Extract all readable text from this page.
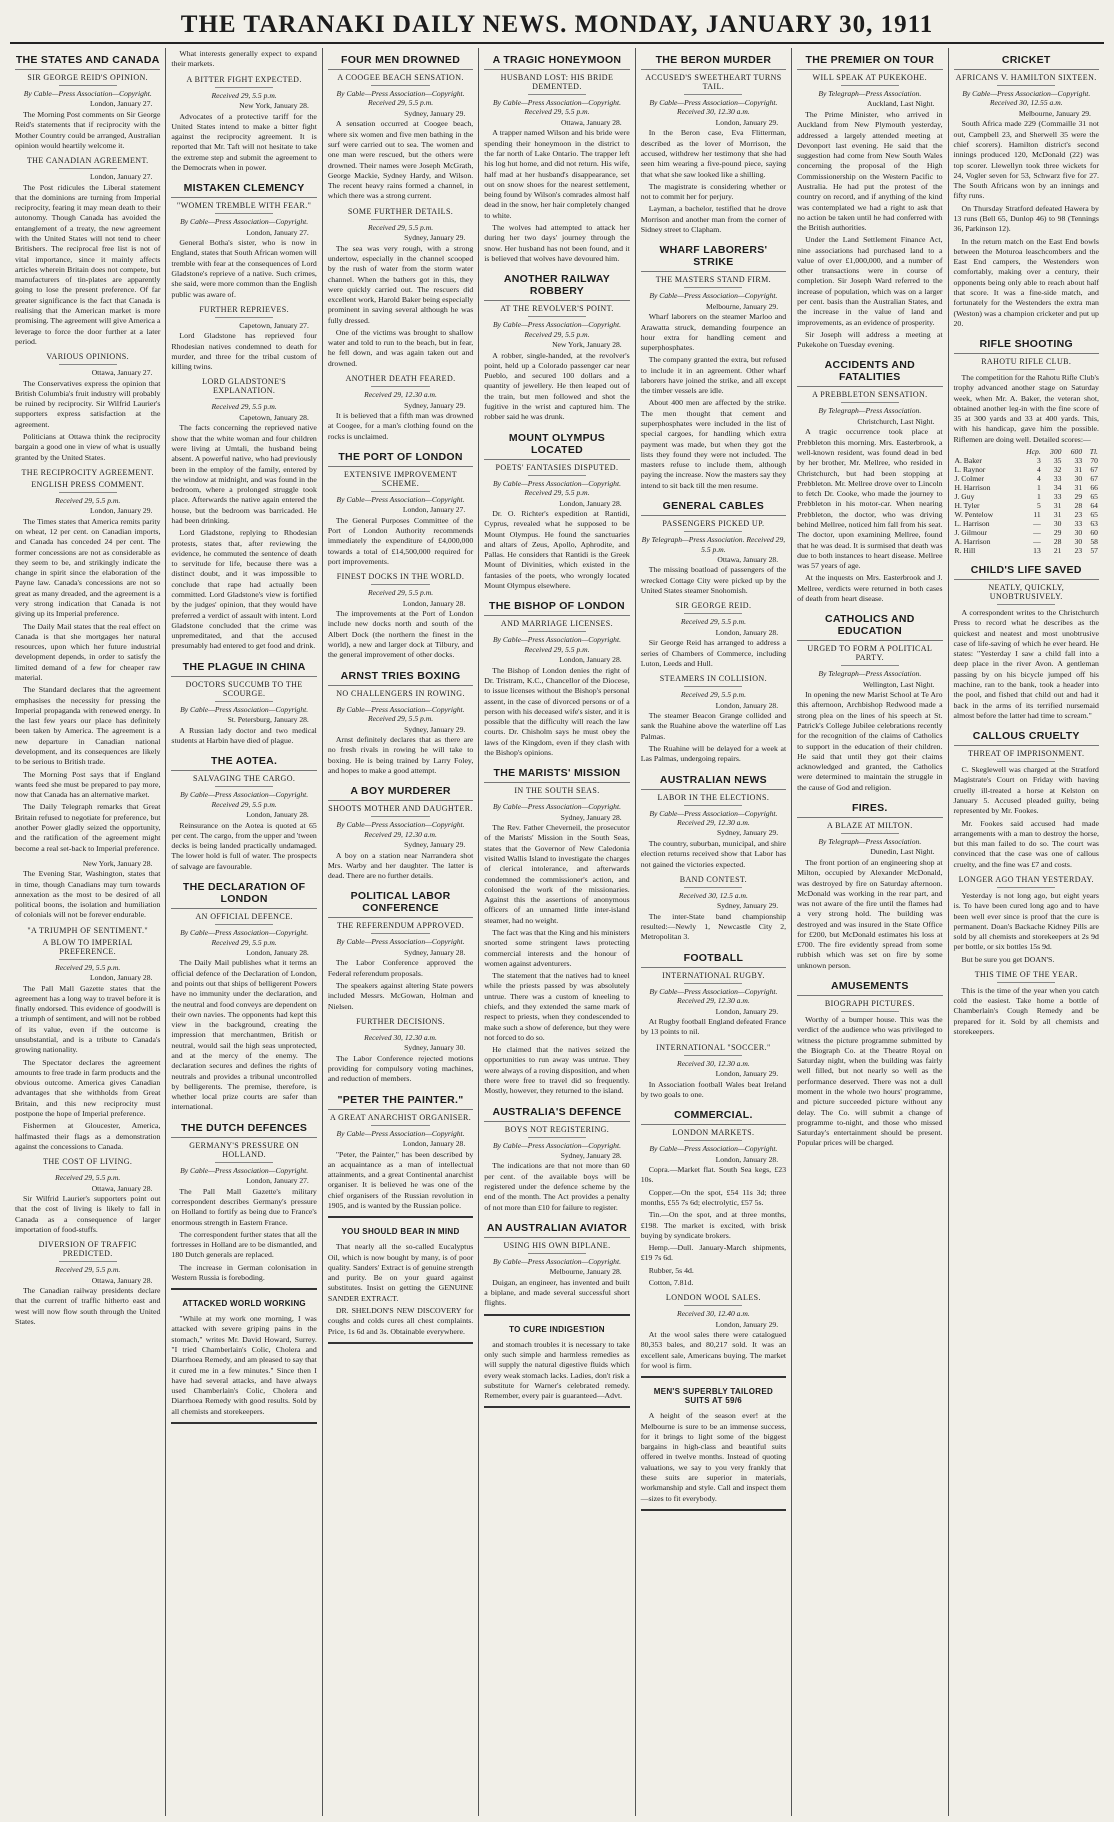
THE TARANAKI DAILY NEWS. MONDAY, JANUARY 30, 1911
THE STATES AND CANADA
SIR GEORGE REID'S OPINION.
By Cable—Press Association—Copyright.
London, January 27.

The Morning Post comments on Sir George Reid's statements that if reciprocity with the Mother Country could be arranged, Australian opinion would heartily welcome it.

THE CANADIAN AGREEMENT.
London, January 27.

The Post ridicules the Liberal statement that the dominions are turning from Imperial reciprocity, fearing it may mean death to their autonomy. Though Canada has avoided the entanglement of a treaty, the new agreement with the United States will not tend to cheer Britishers. The reciprocal free list is not of vital importance, since it mainly affects articles wherein Britain does not compete, but manufacturers of tin-plates are apparently going to lose the present preference. Of far greater significance is the fact that Canada is realising that the American market is more promising. The agreement will give America a leverage to force the door further at a later period.

VARIOUS OPINIONS.
Ottawa, January 27.

The Conservatives express the opinion that British Columbia's fruit industry will probably be ruined by reciprocity. Sir Wilfrid Laurier's supporters express satisfaction at the agreement.

Politicians at Ottawa think the reciprocity bargain a good one in view of what is usually granted by the United States.

THE RECIPROCITY AGREEMENT.
ENGLISH PRESS COMMENT.
Received 29, 5.5 p.m.
London, January 29.

The Times states that America remits parity on wheat, 12 per cent. on Canadian imports, and Canada has conceded 24 per cent. The former concessions are not as considerable as they seem to be, and strikingly indicate the change in spirit since the elaboration of the Payne law. Canada's concessions are not so great as many dreaded, and the agreement is a very strong indication that Canada is not giving up its Imperial preference.

The Daily Mail states that the real effect on Canada is that she mortgages her natural resources, upon which her future industrial development depends, in order to satisfy the limited demand of a few for cheaper raw material.

The Standard declares that the agreement emphasises the necessity for pressing the Imperial propaganda with renewed energy. In the last few years our place has definitely been taken by America. The agreement is a new departure in Canadian national development, and its consequences are likely to be serious to British trade.

The Morning Post says that if England wants feed she must be prepared to pay more, now that Canada has an alternative market.

The Daily Telegraph remarks that Great Britain refused to negotiate for preference, but another Power gladly seized the opportunity, and the ratification of the agreement might become a real set-back to Imperial preference.

New York, January 28.

The Evening Star, Washington, states that in time, though Canadians may turn towards annexation as the most to be desired of all political boons, the isolation and humiliation of colonials will not be forever endurable.

"A TRIUMPH OF SENTIMENT."
A BLOW TO IMPERIAL PREFERENCE.
Received 29, 5.5 p.m.
London, January 28.

The Pall Mall Gazette states that the agreement has a long way to travel before it is finally endorsed. This evidence of goodwill is a triumph of sentiment, and will not be robbed of its value, even if the outcome is unsubstantial, and is a tribute to Canada's growing nationality.

The Spectator declares the agreement amounts to free trade in farm products and the obvious outcome. America gives Canadian advantages that she withholds from Great Britain, and this new reciprocity must postpone the hope of Imperial preference.

Fishermen at Gloucester, America, halfmasted their flags as a demonstration against the concessions to Canada.

THE COST OF LIVING.
Received 29, 5.5 p.m.
Ottawa, January 28.

Sir Wilfrid Laurier's supporters point out that the cost of living is likely to fall in Canada as a consequence of larger importation of food-stuffs.

DIVERSION OF TRAFFIC PREDICTED.
Received 29, 5.5 p.m.
Ottawa, January 28.

The Canadian railway presidents declare that the current of traffic hitherto east and west will now flow south through the United States.

What interests generally expect to expand their markets.

A BITTER FIGHT EXPECTED.
Received 29, 5.5 p.m.
New York, January 28.

Advocates of a protective tariff for the United States intend to make a bitter fight against the reciprocity agreement. It is reported that Mr. Taft will not hesitate to take the extreme step and submit the agreement to the Democrats when in power.

MISTAKEN CLEMENCY
"WOMEN TREMBLE WITH FEAR."
By Cable—Press Association—Copyright.
London, January 27.

General Botha's sister, who is now in England, states that South African women will tremble with fear at the consequences of Lord Gladstone's reprieve of a native. Such crimes, she said, were more common than the English public was aware of.

FURTHER REPRIEVES.
Capetown, January 27.

Lord Gladstone has reprieved four Rhodesian natives condemned to death for murder, and three for the tribal custom of killing twins.

LORD GLADSTONE'S EXPLANATION.
Received 29, 5.5 p.m.
Capetown, January 28.

The facts concerning the reprieved native show that the white woman and four children were living at Umtali, the husband being absent. A powerful native, who had previously been in the employ of the family, entered by the window at midnight, and was found in the bedroom, where a prolonged struggle took place. Afterwards the native again entered the house, but the bedroom was barricaded. He had been drinking.

Lord Gladstone, replying to Rhodesian protests, states that, after reviewing the evidence, he commuted the sentence of death to servitude for life, because there was a distinct doubt, and it was impossible to conclude that rape had actually been committed. Lord Gladstone's view is fortified by the judges' opinion, that they would have preferred a verdict of assault with intent. Lord Gladstone concluded that the crime was unpremeditated, and that the accused presumably had entered to get food and drink.

THE PLAGUE IN CHINA
DOCTORS SUCCUMB TO THE SCOURGE.
By Cable—Press Association—Copyright.
St. Petersburg, January 28.

A Russian lady doctor and two medical students at Harbin have died of plague.

THE AOTEA.
SALVAGING THE CARGO.
By Cable—Press Association—Copyright. Received 29, 5.5 p.m.
London, January 28.

Reinsurance on the Aotea is quoted at 65 per cent. The cargo, from the upper and 'tween decks is being landed practically undamaged. The lower hold is full of water. The prospects of salvage are favourable.

THE DECLARATION OF LONDON
AN OFFICIAL DEFENCE.
By Cable—Press Association—Copyright. Received 29, 5.5 p.m.
London, January 28.

The Daily Mail publishes what it terms an official defence of the Declaration of London, and points out that ships of belligerent Powers have no immunity under the declaration, and the neutral and food conveys are dependent on their own navies. The opponents had kept this view in the background, creating the impression that merchantmen, British or neutral, would sail the high seas unprotected, and at the mercy of the enemy. The declaration secures and defines the rights of neutrals and provides a tribunal uncontrolled by belligerents. The premise, therefore, is whether local prize courts are safer than international.

THE DUTCH DEFENCES
GERMANY'S PRESSURE ON HOLLAND.
By Cable—Press Association—Copyright.
London, January 27.

The Pall Mall Gazette's military correspondent describes Germany's pressure on Holland to fortify as being due to France's enormous strength in Eastern France.

The correspondent further states that all the fortresses in Holland are to be dismantled, and 180 Dutch generals are replaced.

The increase in German colonisation in Western Russia is foreboding.

ATTACKED WORLD WORKING

"While at my work one morning, I was attacked with severe griping pains in the stomach," writes Mr. David Howard, Surrey. "I tried Chamberlain's Colic, Cholera and Diarrhoea Remedy, and am pleased to say that it cured me in a few minutes." Since then I have had several attacks, and have always used Chamberlain's Colic, Cholera and Diarrhoea Remedy with good results. Sold by all chemists and storekeepers.

FOUR MEN DROWNED
A COOGEE BEACH SENSATION.
By Cable—Press Association—Copyright. Received 29, 5.5 p.m.
Sydney, January 29.

A sensation occurred at Coogee beach, where six women and five men bathing in the surf were carried out to sea. The women and one man were rescued, but the others were drowned. Their names were Joseph McGrath, George Mackie, Sydney Hardy, and Wilson. The recent heavy rains formed a channel, in which there was a strong current.

SOME FURTHER DETAILS.
Received 29, 5.5 p.m.
Sydney, January 29.

The sea was very rough, with a strong undertow, especially in the channel scooped by the rush of water from the storm water channel. When the bathers got in this, they were quickly carried out. The rescuers did excellent work, Harold Baker being especially prominent in saving several although he was fully dressed.

One of the victims was brought to shallow water and told to run to the beach, but in fear, he fell down, and was again taken out and drowned.

ANOTHER DEATH FEARED.
Received 29, 12.30 a.m.
Sydney, January 29.

It is believed that a fifth man was drowned at Coogee, for a man's clothing found on the rocks is unclaimed.

THE PORT OF LONDON
EXTENSIVE IMPROVEMENT SCHEME.
By Cable—Press Association—Copyright.
London, January 27.

The General Purposes Committee of the Port of London Authority recommends immediately the expenditure of £4,000,000 towards a total of £14,500,000 required for port improvements.

FINEST DOCKS IN THE WORLD.
Received 29, 5.5 p.m.
London, January 28.

The improvements at the Port of London include new docks north and south of the Albert Dock (the northern the finest in the world), a new and larger dock at Tilbury, and the general improvement of other docks.

ARNST TRIES BOXING
NO CHALLENGERS IN ROWING.
By Cable—Press Association—Copyright. Received 29, 5.5 p.m.
Sydney, January 29.

Arnst definitely declares that as there are no fresh rivals in rowing he will take to boxing. He is being trained by Larry Foley, and hopes to make a good attempt.

A BOY MURDERER
SHOOTS MOTHER AND DAUGHTER.
By Cable—Press Association—Copyright. Received 29, 12.30 a.m.
Sydney, January 29.

A boy on a station near Narrandera shot Mrs. Warby and her daughter. The latter is dead. There are no further details.

POLITICAL LABOR CONFERENCE
THE REFERENDUM APPROVED.
By Cable—Press Association—Copyright.
Sydney, January 28.

The Labor Conference approved the Federal referendum proposals.

The speakers against altering State powers included Messrs. McGowan, Holman and Nielsen.

FURTHER DECISIONS.
Received 30, 12.30 a.m.
Sydney, January 30.

The Labor Conference rejected motions providing for compulsory voting machines, and reduction of members.

"PETER THE PAINTER."
A GREAT ANARCHIST ORGANISER.
By Cable—Press Association—Copyright.
London, January 28.

"Peter, the Painter," has been described by an acquaintance as a man of intellectual attainments, and a great Continental anarchist organiser. It is believed he was one of the chief organisers of the Russian revolution in 1905, and is wanted by the Russian police.

YOU SHOULD BEAR IN MIND

That nearly all the so-called Eucalyptus Oil, which is now bought by many, is of poor quality. Sanders' Extract is of genuine strength and purity. Be on your guard against substitutes. Insist on getting the GENUINE SANDER EXTRACT.

DR. SHELDON'S NEW DISCOVERY for coughs and colds cures all chest complaints. Price, 1s 6d and 3s. Obtainable everywhere.

A TRAGIC HONEYMOON
HUSBAND LOST: HIS BRIDE DEMENTED.
By Cable—Press Association—Copyright. Received 29, 5.5 p.m.
Ottawa, January 28.

A trapper named Wilson and his bride were spending their honeymoon in the district to the far north of Lake Ontario. The trapper left his log hut home, and did not return. His wife, half mad at her husband's disappearance, set out on snow shoes for the nearest settlement, being found by Wilson's comrades almost half dead in the snow, her hair completely changed to white.

The wolves had attempted to attack her during her two days' journey through the snow. Her husband has not been found, and it is believed that wolves have devoured him.

ANOTHER RAILWAY ROBBERY
AT THE REVOLVER'S POINT.
By Cable—Press Association—Copyright. Received 29, 5.5 p.m.
New York, January 28.

A robber, single-handed, at the revolver's point, held up a Colorado passenger car near Pueblo, and secured 100 dollars and a quantity of jewellery. He then leaped out of the train, but men followed and shot the fugitive in the wrist and captured him. The robber said he was drunk.

MOUNT OLYMPUS LOCATED
POETS' FANTASIES DISPUTED.
By Cable—Press Association—Copyright. Received 29, 5.5 p.m.
London, January 28.

Dr. O. Richter's expedition at Rantidi, Cyprus, revealed what he supposed to be Mount Olympus. He found the sanctuaries and altars of Zeus, Apollo, Aphrodite, and Pallas. He considers that Rantidi is the Greek Mount of Divinities, which existed in the fantasies of the poets, who wrongly located Mount Olympus elsewhere.

THE BISHOP OF LONDON
AND MARRIAGE LICENSES.
By Cable—Press Association—Copyright. Received 29, 5.5 p.m.
London, January 28.

The Bishop of London denies the right of Dr. Tristram, K.C., Chancellor of the Diocese, to issue licenses without the Bishop's personal assent, in the case of divorced persons or of a person with his deceased wife's sister, and it is possible that the difficulty will reach the law courts. Dr. Chisholm says he must obey the laws of the Kingdom, even if they clash with the Bishop's opinions.

THE MARISTS' MISSION
IN THE SOUTH SEAS.
By Cable—Press Association—Copyright.
Sydney, January 28.

The Rev. Father Cheverneil, the prosecutor of the Marists' Mission in the South Seas, states that the Governor of New Caledonia visited Wallis Island to investigate the charges of clerical intolerance, and afterwards condemned the commissioner's action, and colonised the work of the missionaries. Against this the assertions of anonymous officers of an unnamed little inter-island steamer, had no weight.

The fact was that the King and his ministers snorted some stringent laws protecting commercial interests and the honour of women against adventurers.

The statement that the natives had to kneel while the priests passed by was absolutely untrue. There was a custom of kneeling to chiefs, and they extended the same mark of respect to priests, when they condescended to make such a show of deference, but they were not forced to do so.

He claimed that the natives seized the opportunities to run away was untrue. They were always of a roving disposition, and when there were free to travel did so frequently. Mostly, however, they returned to the island.

AUSTRALIA'S DEFENCE
BOYS NOT REGISTERING.
By Cable—Press Association—Copyright.
Sydney, January 28.

The indications are that not more than 60 per cent. of the available boys will be registered under the defence scheme by the end of the month. The Act provides a penalty of not more than £10 for failure to register.

AN AUSTRALIAN AVIATOR
USING HIS OWN BIPLANE.
By Cable—Press Association—Copyright.
Melbourne, January 28.

Duigan, an engineer, has invented and built a biplane, and made several successful short flights.

TO CURE INDIGESTION

and stomach troubles it is necessary to take only such simple and harmless remedies as will supply the natural digestive fluids which every weak stomach lacks. Ladies, don't risk a substitute for Warner's celebrated remedy. Remember, every pair is guaranteed—Advt.

THE BERON MURDER
ACCUSED'S SWEETHEART TURNS TAIL.
By Cable—Press Association—Copyright. Received 30, 12.30 a.m.
London, January 29.

In the Beron case, Eva Flitterman, described as the lover of Morrison, the accused, withdrew her testimony that she had seen him wearing a five-pound piece, saying that what she saw looked like a shilling.

The magistrate is considering whether or not to commit her for perjury.

Layman, a bachelor, testified that he drove Morrison and another man from the corner of Sidney street to Clapham.

WHARF LABORERS' STRIKE
THE MASTERS STAND FIRM.
By Cable—Press Association—Copyright.
Melbourne, January 29.

Wharf laborers on the steamer Marloo and Arawatta struck, demanding fourpence an hour extra for handling cement and superphosphates.

The company granted the extra, but refused to include it in an agreement. Other wharf laborers have joined the strike, and all except the timber vessels are idle.

About 400 men are affected by the strike. The men thought that cement and superphosphates were included in the list of special cargoes, for handling which extra payment was made, but when they got the lists they found they were not included. The masters refuse to include them, although paying the increase. Now the masters say they intend to sit back till the men resume.

GENERAL CABLES
PASSENGERS PICKED UP.
By Telegraph—Press Association. Received 29, 5.5 p.m.
Ottawa, January 28.

The missing boatload of passengers of the wrecked Cottage City were picked up by the United States steamer Snohomish.

SIR GEORGE REID.
Received 29, 5.5 p.m.
London, January 28.

Sir George Reid has arranged to address a series of Chambers of Commerce, including Luton, Leeds and Hull.

STEAMERS IN COLLISION.
Received 29, 5.5 p.m.
London, January 28.

The steamer Beacon Grange collided and sank the Ruahine above the waterline off Las Palmas.

The Ruahine will be delayed for a week at Las Palmas, undergoing repairs.

AUSTRALIAN NEWS
LABOR IN THE ELECTIONS.
By Cable—Press Association—Copyright. Received 29, 12.30 a.m.
Sydney, January 29.

The country, suburban, municipal, and shire election returns received show that Labor has not gained the victories expected.

BAND CONTEST.
Received 30, 12.5 a.m.
Sydney, January 29.

The inter-State band championship resulted:—Newly 1, Newcastle City 2, Metropolitan 3.

FOOTBALL
INTERNATIONAL RUGBY.
By Cable—Press Association—Copyright. Received 29, 12.30 a.m.
London, January 29.

At Rugby football England defeated France by 13 points to nil.

INTERNATIONAL "SOCCER."
Received 30, 12.30 a.m.
London, January 29.

In Association football Wales beat Ireland by two goals to one.

COMMERCIAL.
LONDON MARKETS.
By Cable—Press Association—Copyright.
London, January 28.

Copra.—Market flat. South Sea kegs, £23 10s.

Copper.—On the spot, £54 11s 3d; three months, £55 7s 6d; electrolytic, £57 5s.

Tin.—On the spot, and at three months, £198. The market is excited, with brisk buying by syndicate brokers.

Hemp.—Dull. January-March shipments, £19 7s 6d.

Rubber, 5s 4d.

Cotton, 7.81d.

LONDON WOOL SALES.
Received 30, 12.40 a.m.
London, January 29.

At the wool sales there were catalogued 80,353 bales, and 80,217 sold. It was an excellent sale, Americans buying. The market for wool is firm.

MEN'S SUPERBLY TAILORED SUITS AT 59/6

A height of the season ever! at the Melbourne is sure to be an immense success, for it brings to light some of the biggest bargains in high-class and beautiful suits offered in twelve months. Instead of quoting valuations, we say to you very frankly that these suits are superior in materials, workmanship and style. Call and inspect them—sizes to fit everybody.

THE PREMIER ON TOUR
WILL SPEAK AT PUKEKOHE.
By Telegraph—Press Association.
Auckland, Last Night.

The Prime Minister, who arrived in Auckland from New Plymouth yesterday, addressed a largely attended meeting at Devonport last evening. He said that the suggestion had come from New South Wales concerning the proposal of the High Commissionership on the Western Pacific to Australia. He had put the protest of the country on record, and if anything of the kind was contemplated we had a right to ask that no action be taken until he had conferred with the British authorities.

Under the Land Settlement Finance Act, nine associations had purchased land to a value of over £1,000,000, and a number of other transactions were in course of completion. Sir Joseph Ward referred to the increase of population, which was on a larger per cent. basis than the Australian States, and the increase in the value of land and improvements, as an evidence of prosperity.

Sir Joseph will address a meeting at Pukekohe on Tuesday evening.

ACCIDENTS AND FATALITIES
A PREBBLETON SENSATION.
By Telegraph—Press Association.
Christchurch, Last Night.

A tragic occurrence took place at Prebbleton this morning. Mrs. Easterbrook, a well-known resident, was found dead in bed by her brother, Mr. Mellree, who resided in Christchurch, but had been stopping at Prebbleton. Mr. Mellree drove over to Lincoln to fetch Dr. Cooke, who made the journey to Prebbleton in his motor-car. When nearing Prebbleton, the doctor, who was driving behind Mellree, noticed him fall from his seat. The doctor, upon examining Mellree, found that he was dead. It is surmised that death was due to both instances to heart disease. Mellree was 57 years of age.

At the inquests on Mrs. Easterbrook and J. Mellree, verdicts were returned in both cases of death from heart disease.

CATHOLICS AND EDUCATION
URGED TO FORM A POLITICAL PARTY.
By Telegraph—Press Association.
Wellington, Last Night.

In opening the new Marist School at Te Aro this afternoon, Archbishop Redwood made a strong plea on the lines of his speech at St. Patrick's College Jubilee celebrations recently for the recognition of the claims of Catholics to support in the education of their children. He said that until they got their claims acknowledged and granted, the Catholics were determined to maintain the struggle in the cause of God and religion.

FIRES.
A BLAZE AT MILTON.
By Telegraph—Press Association.
Dunedin, Last Night.

The front portion of an engineering shop at Milton, occupied by Alexander McDonald, was destroyed by fire on Saturday afternoon. McDonald was working in the rear part, and was not aware of the fire until the flames had a very strong hold. The building was destroyed and was insured in the State Office for £200, but McDonald estimates his loss at £700. The fire evidently spread from some rubbish which was set on fire by some unknown person.

AMUSEMENTS
BIOGRAPH PICTURES.

Worthy of a bumper house. This was the verdict of the audience who was privileged to witness the picture programme submitted by the Biograph Co. at the Theatre Royal on Saturday night, when the building was fairly well filled, but not nearly so well as the performance deserved. There was not a dull moment in the whole two hours' programme, and picture succeeded picture without any delay. The Co. will submit a change of programme to-night, and those who missed Saturday's entertainment should be present. Popular prices will be charged.

CRICKET
AFRICANS V. HAMILTON SIXTEEN.
By Cable—Press Association—Copyright. Received 30, 12.55 a.m.
Melbourne, January 29.

South Africa made 229 (Commaille 31 not out, Campbell 23, and Sherwell 35 were the chief scorers). Hamilton district's second innings produced 120, McDonald (22) was top scorer. Llewellyn took three wickets for 24, Vogler seven for 53, Schwarz five for 27. The South Africans won by an innings and fifty runs.

On Thursday Stratford defeated Hawera by 13 runs (Bell 65, Dunlop 46) to 98 (Tennings 36, Parkinson 12).

In the return match on the East End bowls between the Moturoa leaschcombers and the East End campers, the Westenders won comfortably, making over a century, their opponents being only able to reach about half that score. It was a fine-side match, and fortunately for the Westenders the extra man (Weston) was a champion cricketer and put up 20.

RIFLE SHOOTING
RAHOTU RIFLE CLUB.

The competition for the Rahotu Rifle Club's trophy advanced another stage on Saturday week, when Mr. A. Baker, the veteran shot, obtained another leg-in with the fine score of 35 at 300 yards and 33 at 400 yards. This, with his handicap, gave him the possible. Riflemen are doing well. Detailed scores:—

	Hcp.	300	600	Tl.
A. Baker	3	35	33	70
L. Raynor	4	32	31	67
J. Colmer	4	33	30	67
H. Harrison	1	34	31	66
J. Guy	1	33	29	65
H. Tyler	5	31	28	64
W. Pentelow	11	31	23	65
L. Harrison	—	30	33	63
J. Gilmour	—	29	30	60
A. Harrison	—	28	30	58
R. Hill	13	21	23	57
CHILD'S LIFE SAVED
NEATLY, QUICKLY, UNOBTRUSIVELY.

A correspondent writes to the Christchurch Press to record what he describes as the quickest and neatest and most unobtrusive case of life-saving of which he ever heard. He states: "Yesterday I saw a child fall into a deep place in the river Avon. A gentleman passing by on his bicycle jumped off his machine, ran to the bank, took a header into the pool, and fished that child out and had it back in the arms of its terrified nursemaid almost before the latter had time to scream."

CALLOUS CRUELTY
THREAT OF IMPRISONMENT.

C. Skeglewell was charged at the Stratford Magistrate's Court on Friday with having cruelly ill-treated a horse at Kelston on January 5. Accused pleaded guilty, being represented by Mr. Fookes.

Mr. Fookes said accused had made arrangements with a man to destroy the horse, but this man failed to do so. The court was convinced that the case was one of callous cruelty, and the fine was £7 and costs.

LONGER AGO THAN YESTERDAY.

Yesterday is not long ago, but eight years is. To have been cured long ago and to have been well ever since is proof that the cure is permanent. Doan's Backache Kidney Pills are sold by all chemists and storekeepers at 2s 9d per bottle, or six bottles 15s 9d.

But be sure you get DOAN'S.

THIS TIME OF THE YEAR.

This is the time of the year when you catch cold the easiest. Take home a bottle of Chamberlain's Cough Remedy and be prepared for it. Sold by all chemists and storekeepers.
